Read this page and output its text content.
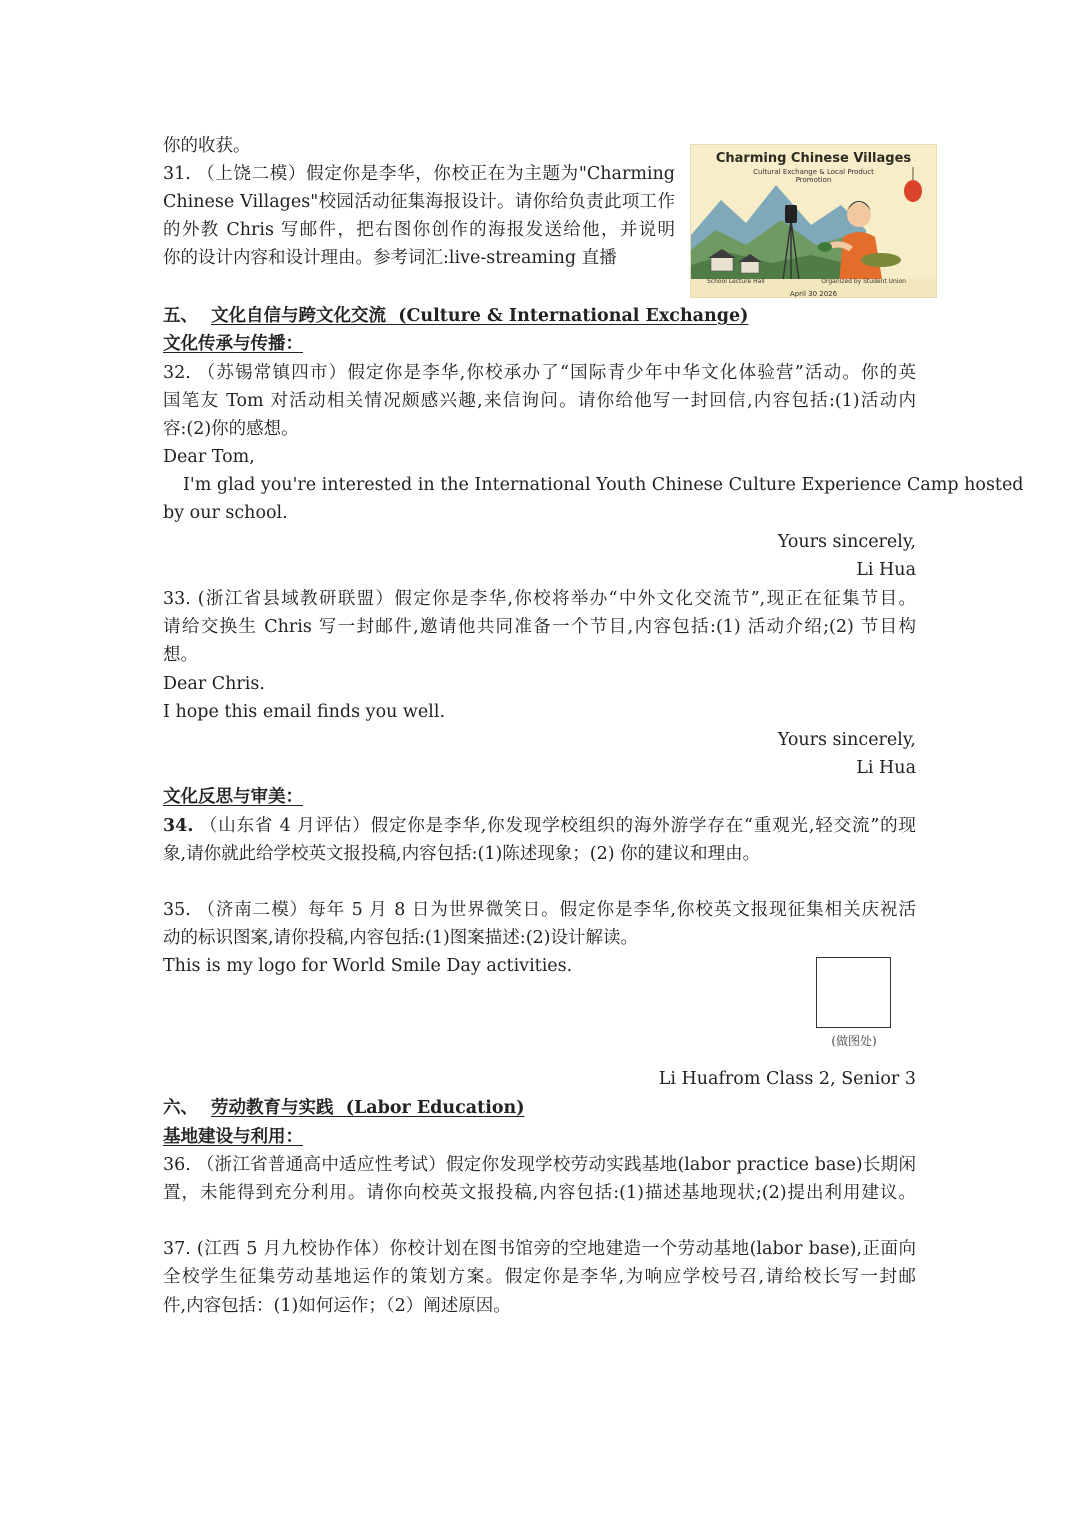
你的收获。
31. （上饶二模）假定你是李华，你校正在为主题为"Charming
Chinese Villages"校园活动征集海报设计。请你给负责此项工作
的外教 Chris 写邮件，把右图你创作的海报发送给他，并说明
你的设计内容和设计理由。参考词汇:live-streaming 直播
Charming Chinese Villages
Cultural Exchange & Local Product
Promotion
School Lecture Hall	Organized by Student Union
April 30 2026
五、 文化自信与跨文化交流 (Culture & International Exchange)
文化传承与传播：
32. （苏锡常镇四市）假定你是李华,你校承办了“国际青少年中华文化体验营”活动。你的英
国笔友 Tom 对活动相关情况颇感兴趣,来信询问。请你给他写一封回信,内容包括:(1)活动内
容:(2)你的感想。
Dear Tom,
I'm glad you're interested in the International Youth Chinese Culture Experience Camp hosted
by our school.
Yours sincerely,
Li Hua
33. (浙江省县域教研联盟）假定你是李华,你校将举办“中外文化交流节”,现正在征集节目。
请给交换生 Chris 写一封邮件,邀请他共同准备一个节目,内容包括:(1) 活动介绍;(2) 节目构
想。
Dear Chris.
I hope this email finds you well.
Yours sincerely,
Li Hua
文化反思与审美：
34. （山东省 4 月评估）假定你是李华,你发现学校组织的海外游学存在“重观光,轻交流”的现
象,请你就此给学校英文报投稿,内容包括:(1)陈述现象；(2) 你的建议和理由。
35. （济南二模）每年 5 月 8 日为世界微笑日。假定你是李华,你校英文报现征集相关庆祝活
动的标识图案,请你投稿,内容包括:(1)图案描述:(2)设计解读。
This is my logo for World Smile Day activities.
(做图处)
Li Huafrom Class 2, Senior 3
六、 劳动教育与实践 (Labor Education)
基地建设与利用：
36. （浙江省普通高中适应性考试）假定你发现学校劳动实践基地(labor practice base)长期闲
置，未能得到充分利用。请你向校英文报投稿,内容包括:(1)描述基地现状;(2)提出利用建议。
37. (江西 5 月九校协作体）你校计划在图书馆旁的空地建造一个劳动基地(labor base),正面向
全校学生征集劳动基地运作的策划方案。假定你是李华,为响应学校号召,请给校长写一封邮
件,内容包括：(1)如何运作；（2）阐述原因。
